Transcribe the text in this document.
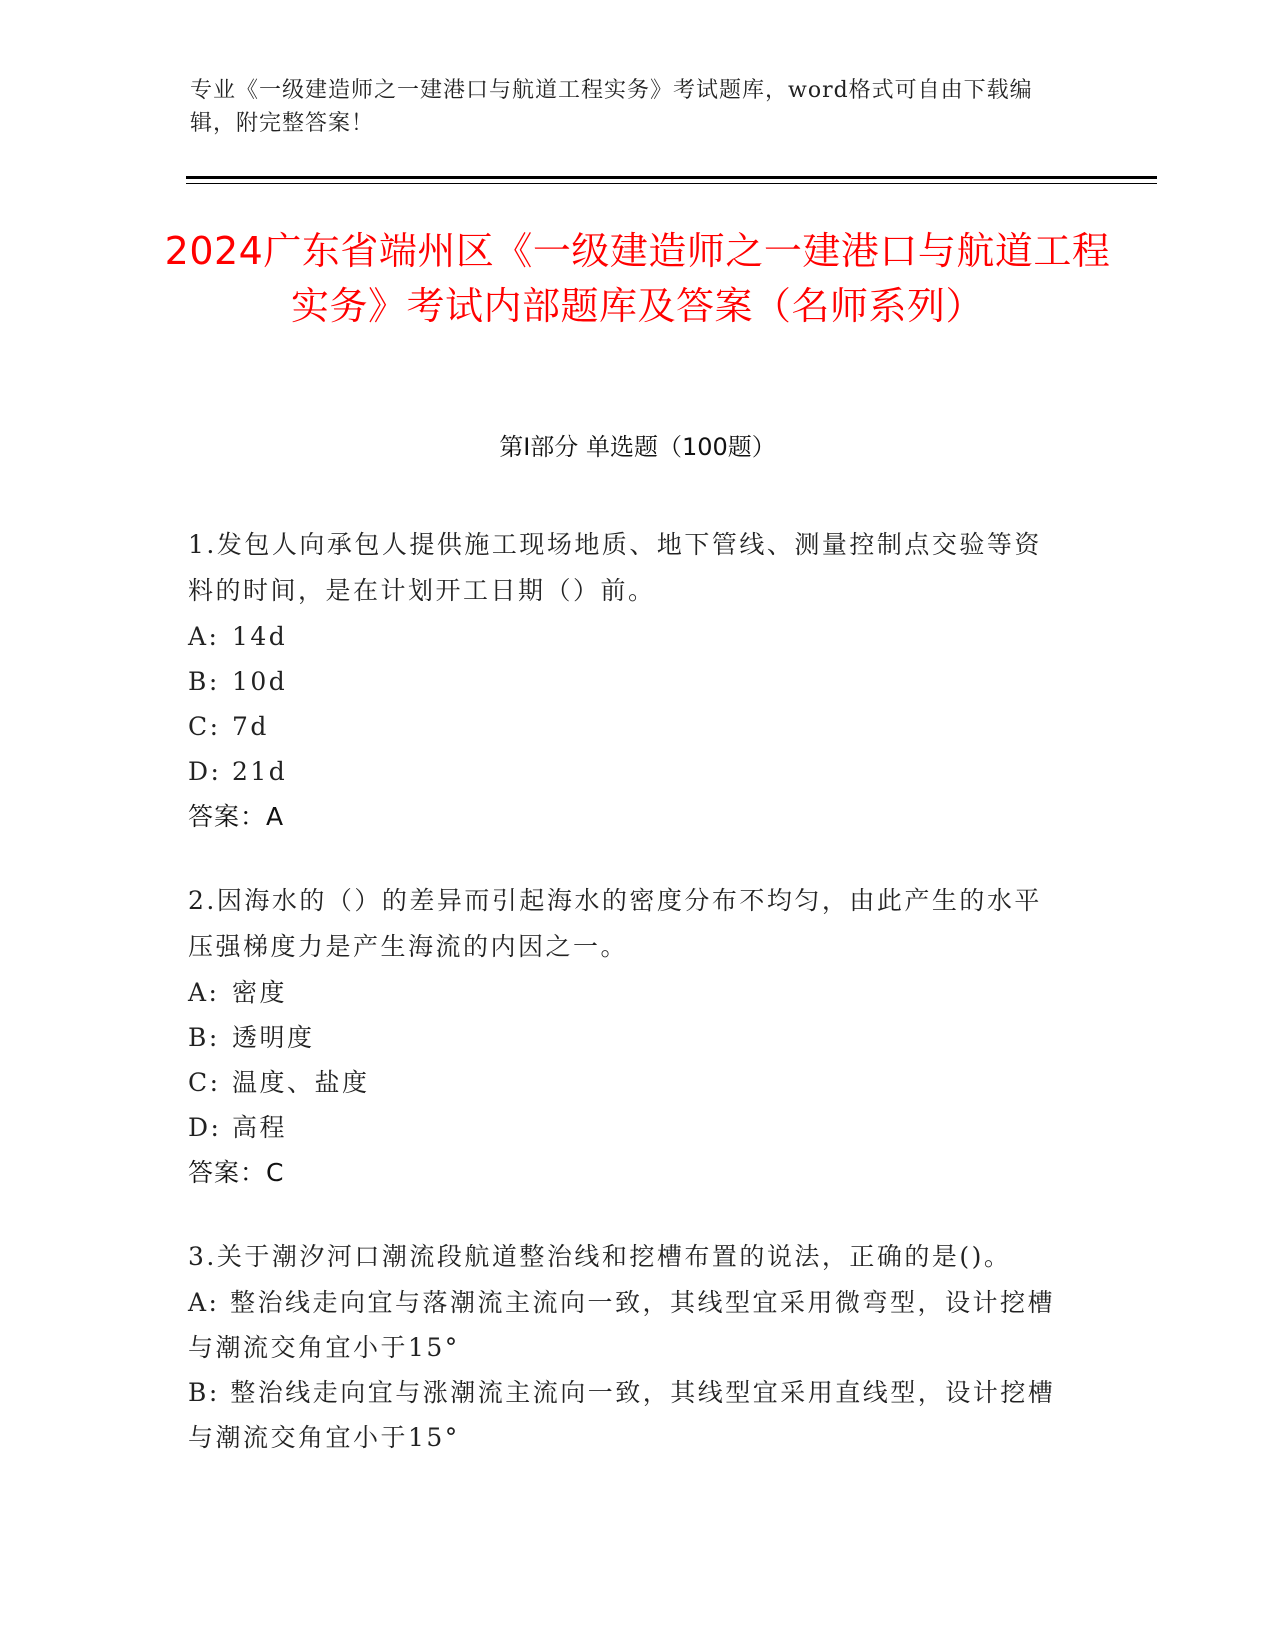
专业《一级建造师之一建港口与航道工程实务》考试题库，word格式可自由下载编辑，附完整答案！
2024广东省端州区《一级建造师之一建港口与航道工程实务》考试内部题库及答案（名师系列）
第I部分 单选题（100题）
1.发包人向承包人提供施工现场地质、地下管线、测量控制点交验等资料的时间，是在计划开工日期（）前。
A: 14d
B: 10d
C: 7d
D: 21d
答案：A
2.因海水的（）的差异而引起海水的密度分布不均匀，由此产生的水平压强梯度力是产生海流的内因之一。
A: 密度
B: 透明度
C: 温度、盐度
D: 高程
答案：C
3.关于潮汐河口潮流段航道整治线和挖槽布置的说法，正确的是()。
A: 整治线走向宜与落潮流主流向一致，其线型宜采用微弯型，设计挖槽与潮流交角宜小于15°
B: 整治线走向宜与涨潮流主流向一致，其线型宜采用直线型，设计挖槽与潮流交角宜小于15°
